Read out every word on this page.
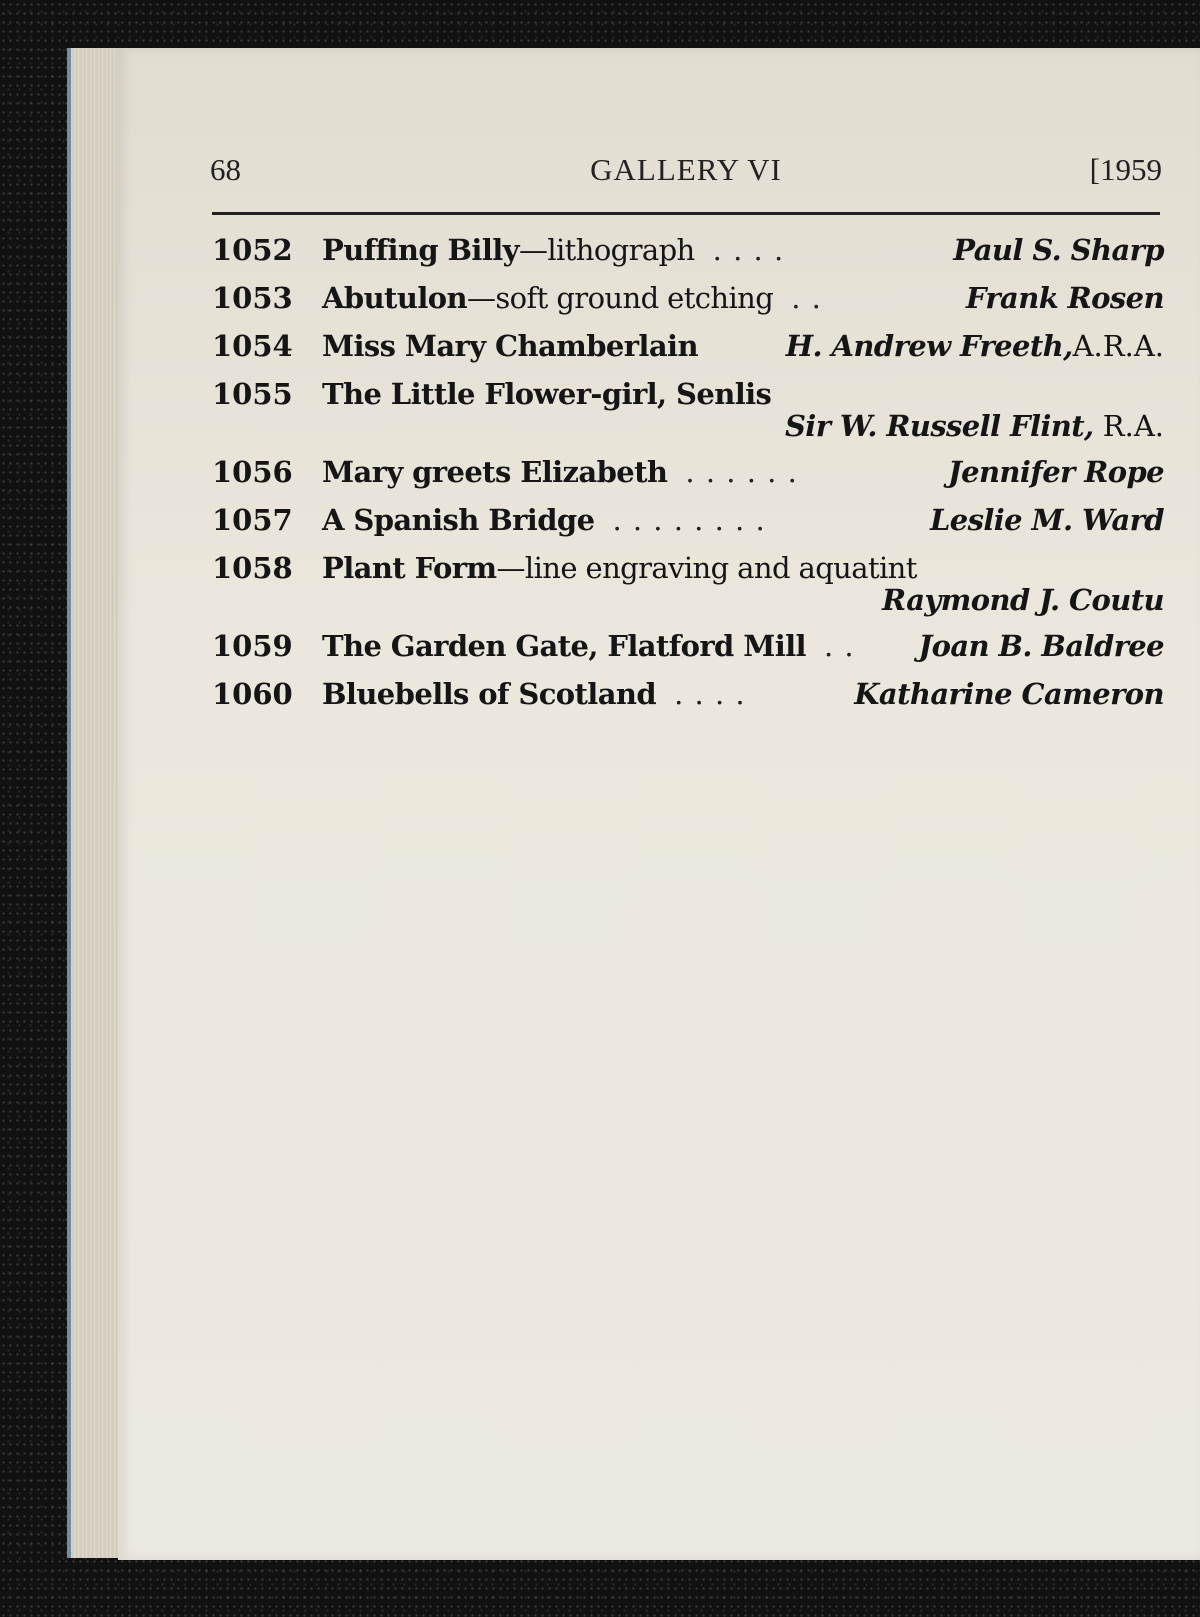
68	GALLERY VI	[1959
1052	Puffing Billy—lithograph . . . .	Paul S. Sharp
1053	Abutulon—soft ground etching . .	Frank Rosen
1054	Miss Mary Chamberlain	H. Andrew Freeth, A.R.A.
1055	The Little Flower-girl, Senlis
Sir W. Russell Flint, R.A.
1056	Mary greets Elizabeth . . . . . .	Jennifer Rope
1057	A Spanish Bridge . . . . . . . .	Leslie M. Ward
1058	Plant Form—line engraving and aquatint
Raymond J. Coutu
1059	The Garden Gate, Flatford Mill . .	Joan B. Baldree
1060	Bluebells of Scotland . . . .	Katharine Cameron
